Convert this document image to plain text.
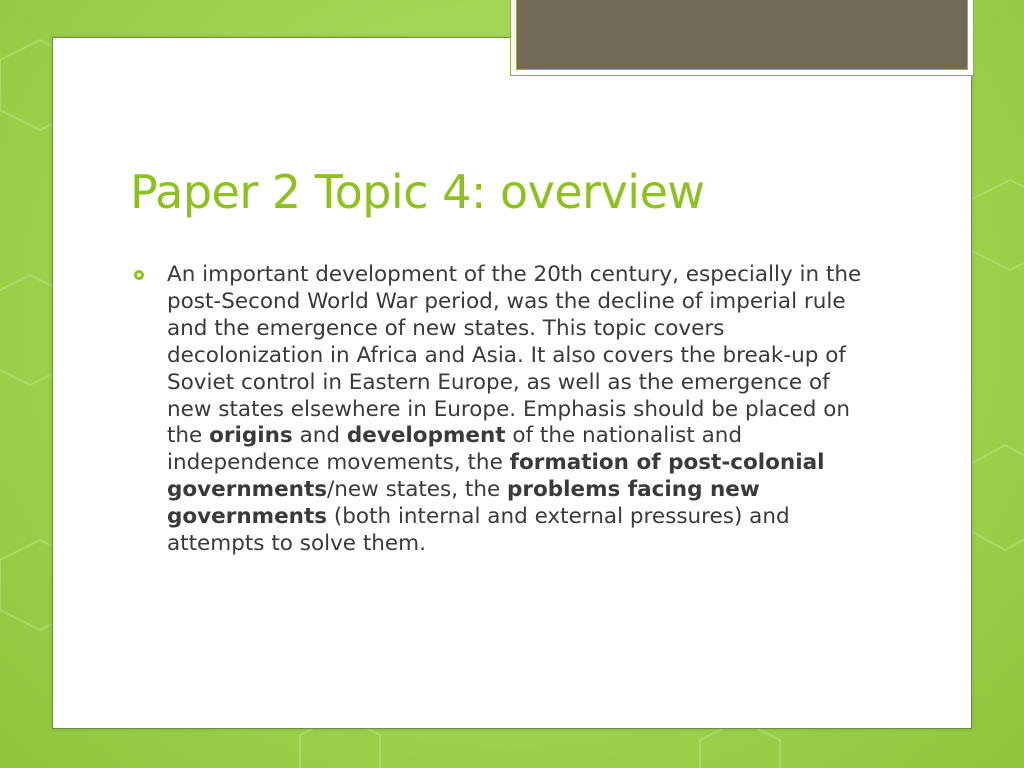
Paper 2 Topic 4: overview

An important development of the 20th century, especially in the post-Second World War period, was the decline of imperial rule and the emergence of new states. This topic covers decolonization in Africa and Asia. It also covers the break-up of Soviet control in Eastern Europe, as well as the emergence of new states elsewhere in Europe. Emphasis should be placed on the origins and development of the nationalist and independence movements, the formation of post-colonial governments/new states, the problems facing new governments (both internal and external pressures) and attempts to solve them.
